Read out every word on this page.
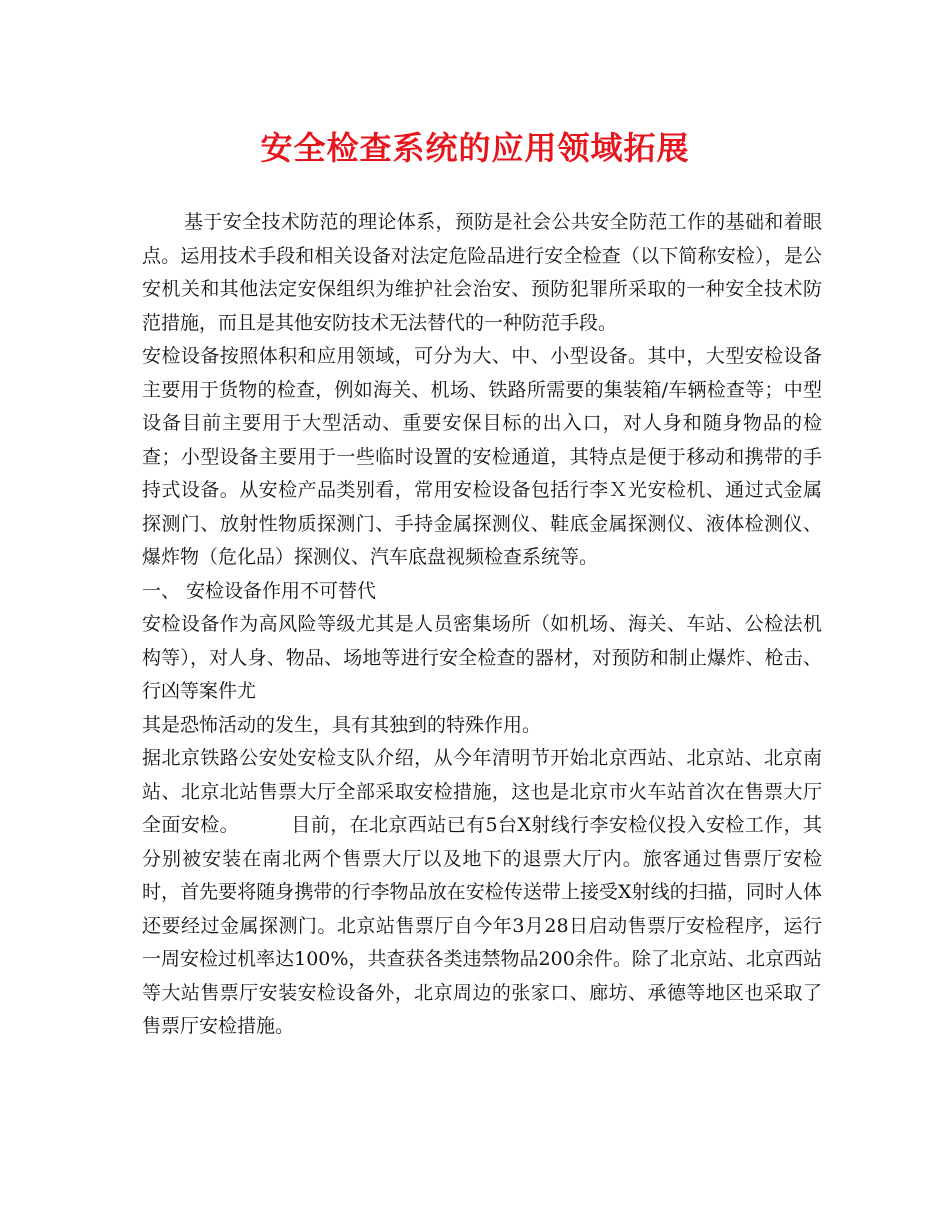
安全检查系统的应用领域拓展

基于安全技术防范的理论体系，预防是社会公共安全防范工作的基础和着眼点。运用技术手段和相关设备对法定危险品进行安全检查（以下简称安检），是公安机关和其他法定安保组织为维护社会治安、预防犯罪所采取的一种安全技术防范措施，而且是其他安防技术无法替代的一种防范手段。

安检设备按照体积和应用领域，可分为大、中、小型设备。其中，大型安检设备主要用于货物的检查，例如海关、机场、铁路所需要的集装箱/车辆检查等；中型设备目前主要用于大型活动、重要安保目标的出入口，对人身和随身物品的检查；小型设备主要用于一些临时设置的安检通道，其特点是便于移动和携带的手持式设备。从安检产品类别看，常用安检设备包括行李Ｘ光安检机、通过式金属探测门、放射性物质探测门、手持金属探测仪、鞋底金属探测仪、液体检测仪、爆炸物（危化品）探测仪、汽车底盘视频检查系统等。

一、 安检设备作用不可替代

安检设备作为高风险等级尤其是人员密集场所（如机场、海关、车站、公检法机构等），对人身、物品、场地等进行安全检查的器材，对预防和制止爆炸、枪击、行凶等案件尤

其是恐怖活动的发生，具有其独到的特殊作用。

据北京铁路公安处安检支队介绍，从今年清明节开始北京西站、北京站、北京南站、北京北站售票大厅全部采取安检措施，这也是北京市火车站首次在售票大厅全面安检。	目前，在北京西站已有5台X射线行李安检仪投入安检工作，其分别被安装在南北两个售票大厅以及地下的退票大厅内。旅客通过售票厅安检时，首先要将随身携带的行李物品放在安检传送带上接受X射线的扫描，同时人体还要经过金属探测门。北京站售票厅自今年3月28日启动售票厅安检程序，运行一周安检过机率达100%，共查获各类违禁物品200余件。除了北京站、北京西站等大站售票厅安装安检设备外，北京周边的张家口、廊坊、承德等地区也采取了售票厅安检措施。
